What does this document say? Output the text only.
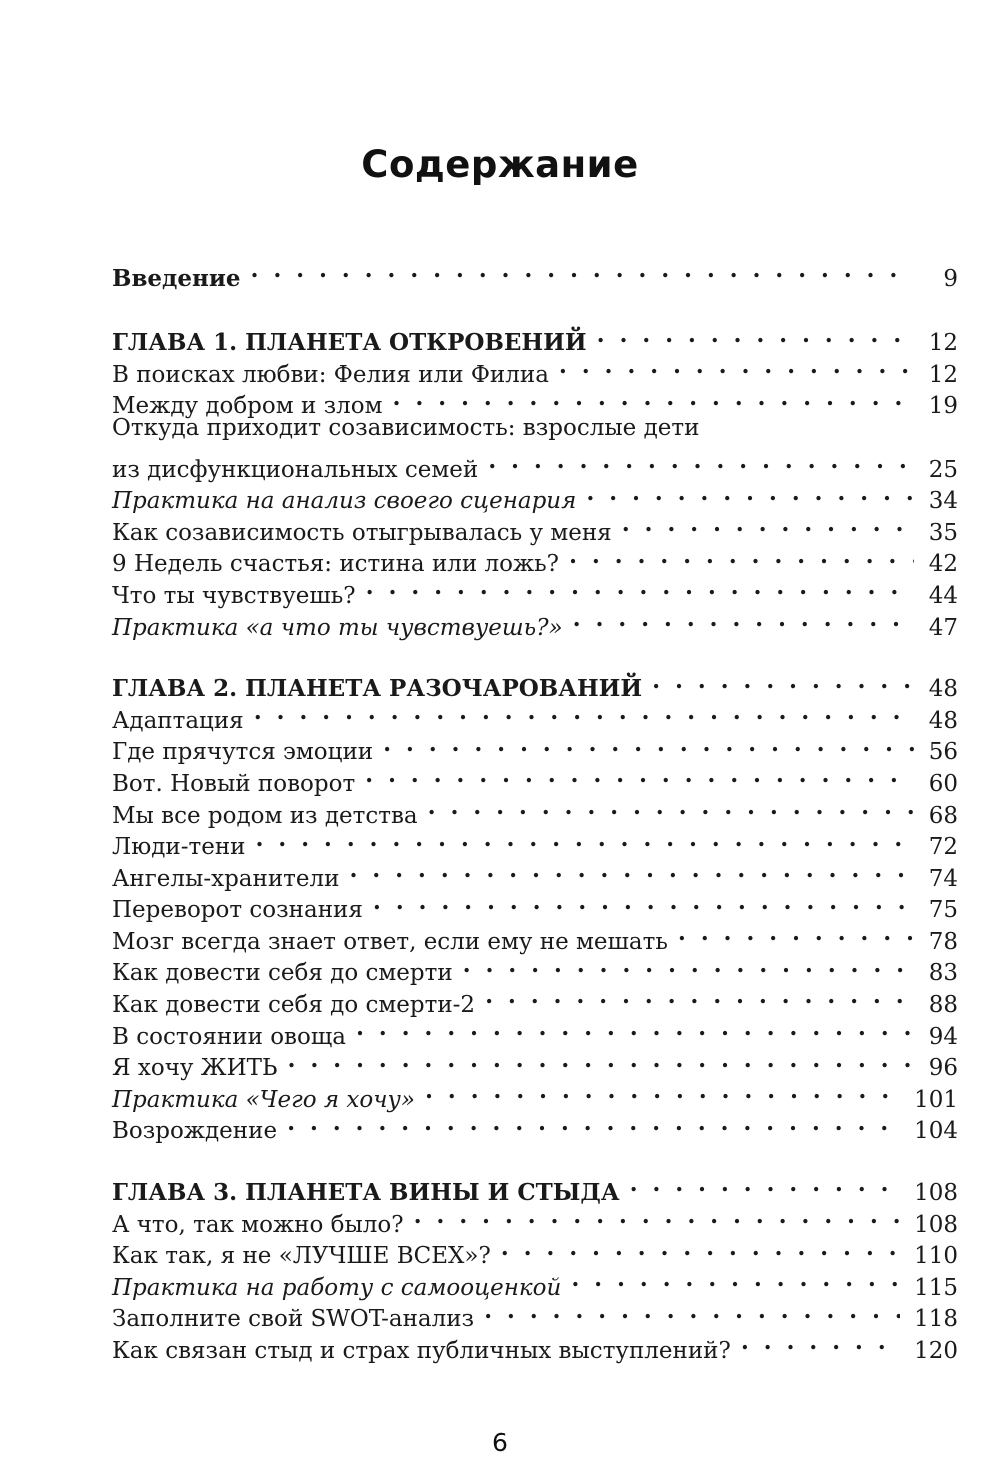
Содержание
Введение . . .	9
ГЛАВА 1. ПЛАНЕТА ОТКРОВЕНИЙ . . .	12
В поисках любви: Фелия или Филиа . . .	12
Между добром и злом . . .	19
Откуда приходит созависимость: взрослые дети
из дисфункциональных семей . . .	25
Практика на анализ своего сценария . . .	34
Как созависимость отыгрывалась у меня . . .	35
9 Недель счастья: истина или ложь? . . .	42
Что ты чувствуешь? . . .	44
Практика «а что ты чувствуешь?» . . .	47
ГЛАВА 2. ПЛАНЕТА РАЗОЧАРОВАНИЙ . . .	48
Адаптация . . .	48
Где прячутся эмоции . . .	56
Вот. Новый поворот . . .	60
Мы все родом из детства . . .	68
Люди-тени . . .	72
Ангелы-хранители . . .	74
Переворот сознания . . .	75
Мозг всегда знает ответ, если ему не мешать . . .	78
Как довести себя до смерти . . .	83
Как довести себя до смерти-2 . . .	88
В состоянии овоща . . .	94
Я хочу ЖИТЬ . . .	96
Практика «Чего я хочу» . . .	101
Возрождение . . .	104
ГЛАВА 3. ПЛАНЕТА ВИНЫ И СТЫДА . . .	108
А что, так можно было? . . .	108
Как так, я не «ЛУЧШЕ ВСЕХ»? . . .	110
Практика на работу с самооценкой . . .	115
Заполните свой SWOT-анализ . . .	118
Как связан стыд и страх публичных выступлений? . . .	120
6
